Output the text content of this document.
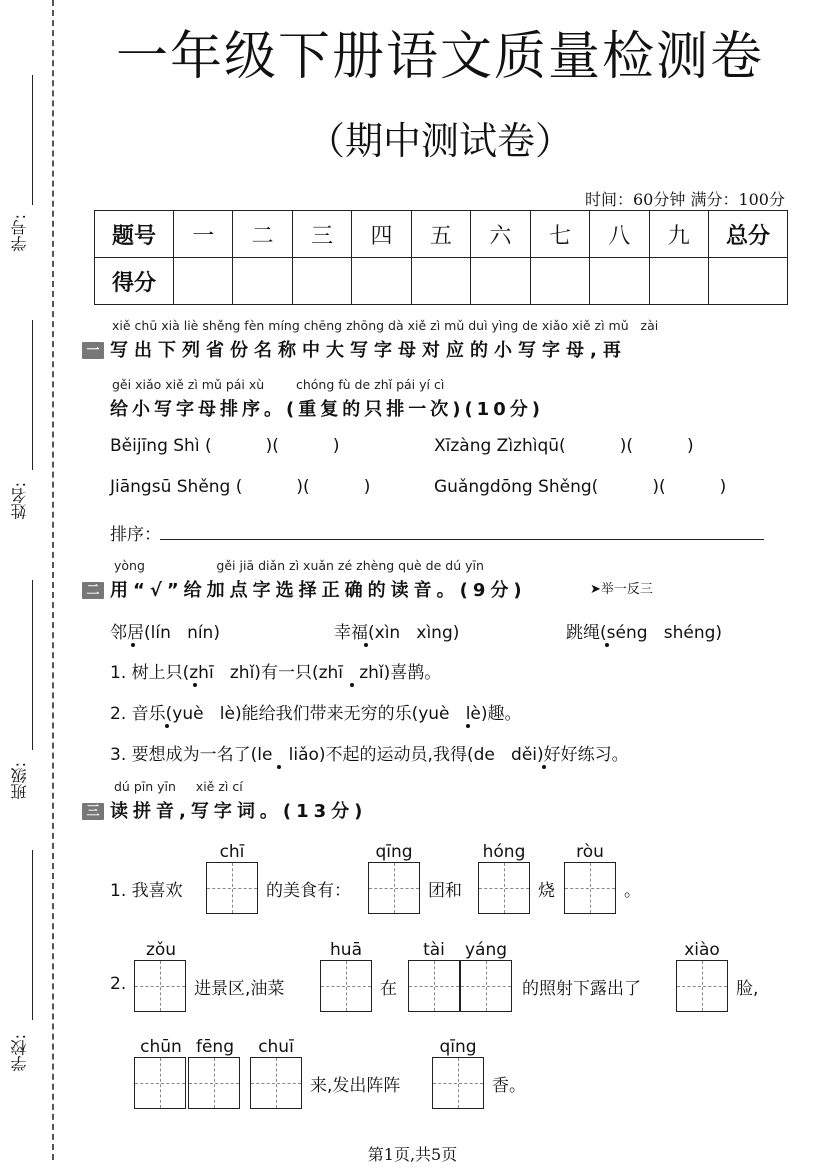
学号:
姓名:
班级:
学校:
一年级下册语文质量检测卷
（期中测试卷）
时间：60分钟 满分：100分
题号	一	二	三	四	五	六	七	八	九	总分
得分										
xiě chū xià liè shěng fèn míng chēng zhōng dà xiě zì mǔ duì yìng de xiǎo xiě zì mǔ   zài
一 写出下列省份名称中大写字母对应的小写字母,再
gěi xiǎo xiě zì mǔ pái xù        chóng fù de zhǐ pái yí cì
给小写字母排序。(重复的只排一次)(10分)
Běijīng Shì (          )(          )	Xīzàng Zìzhìqū(          )(          )
Jiāngsū Shěng (          )(          )	Guǎngdōng Shěng(          )(          )
排序：
yòng                  gěi jiā diǎn zì xuǎn zé zhèng què de dú yīn
二 用“√”给加点字选择正确的读音。(9分)	➤举一反三
邻居(lín   nín)	幸福(xìn   xìng)	跳绳(séng   shéng)
1. 树上只(zhī   zhǐ)有一只(zhī   zhǐ)喜鹊。
2. 音乐(yuè   lè)能给我们带来无穷的乐(yuè   lè)趣。
3. 要想成为一名了(le   liǎo)不起的运动员,我得(de   děi)好好练习。
dú pīn yīn     xiě zì cí
三 读拼音,写字词。(13分)
1. 我喜欢
chī
的美食有：
qīng
团和
hóng
烧
ròu
。
2.
zǒu
进景区,油菜
huā
在
tài	yáng
的照射下露出了
xiào
脸,
chūn fēng	chuī
来,发出阵阵
qīng
香。
第1页,共5页
